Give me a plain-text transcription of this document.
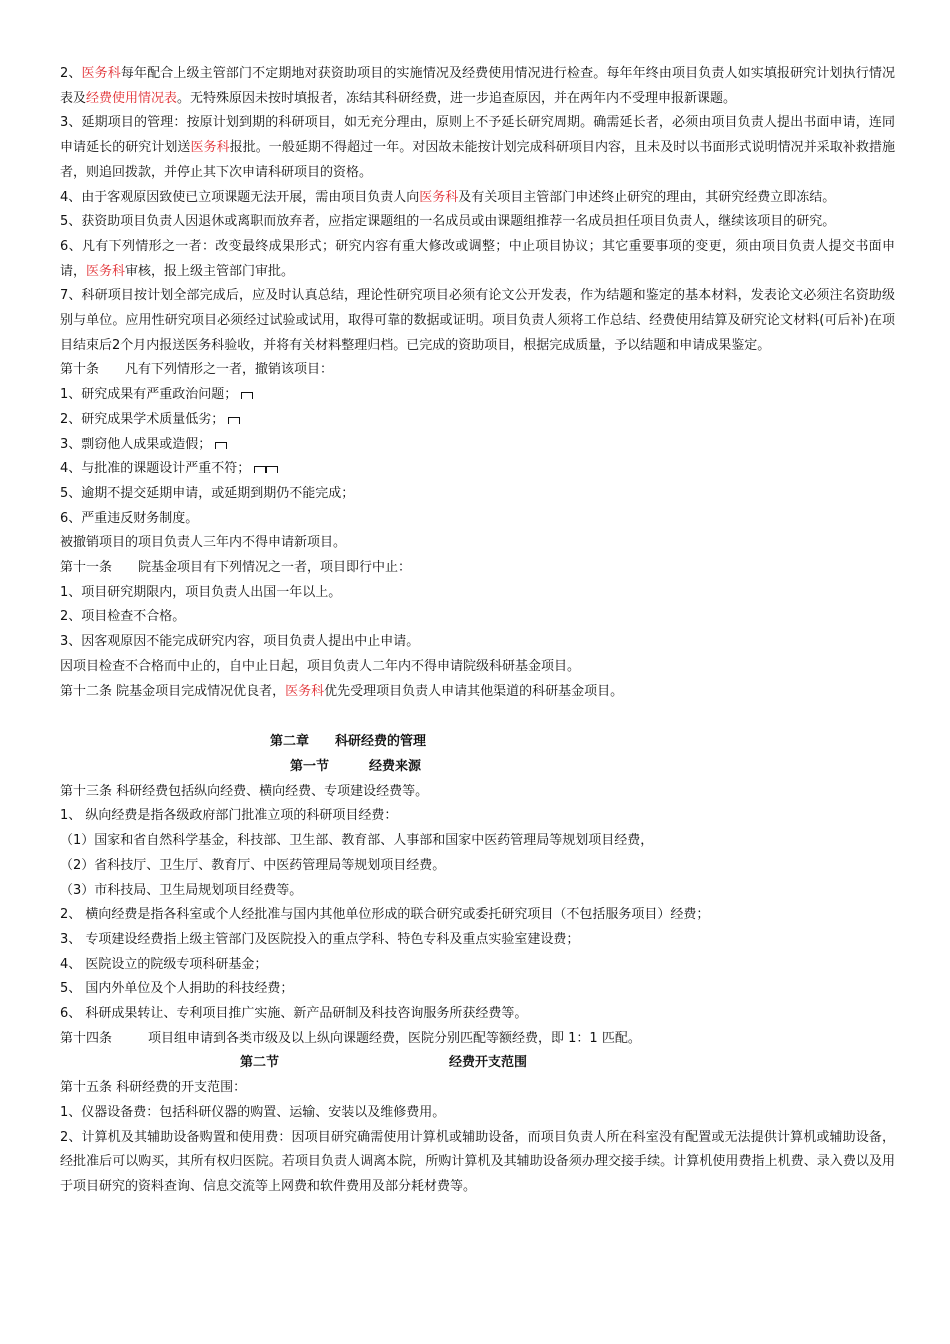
2、医务科每年配合上级主管部门不定期地对获资助项目的实施情况及经费使用情况进行检查。每年年终由项目负责人如实填报研究计划执行情况表及经费使用情况表。无特殊原因未按时填报者，冻结其科研经费，进一步追查原因，并在两年内不受理申报新课题。

3、延期项目的管理：按原计划到期的科研项目，如无充分理由，原则上不予延长研究周期。确需延长者，必须由项目负责人提出书面申请，连同申请延长的研究计划送医务科报批。一般延期不得超过一年。对因故未能按计划完成科研项目内容，且未及时以书面形式说明情况并采取补救措施者，则追回拨款，并停止其下次申请科研项目的资格。

4、由于客观原因致使已立项课题无法开展，需由项目负责人向医务科及有关项目主管部门申述终止研究的理由，其研究经费立即冻结。

5、获资助项目负责人因退休或离职而放弃者，应指定课题组的一名成员或由课题组推荐一名成员担任项目负责人，继续该项目的研究。

6、凡有下列情形之一者：改变最终成果形式；研究内容有重大修改或调整；中止项目协议；其它重要事项的变更，须由项目负责人提交书面申请，医务科审核，报上级主管部门审批。

7、科研项目按计划全部完成后，应及时认真总结，理论性研究项目必须有论文公开发表，作为结题和鉴定的基本材料，发表论文必须注名资助级别与单位。应用性研究项目必须经过试验或试用，取得可靠的数据或证明。项目负责人须将工作总结、经费使用结算及研究论文材料(可后补)在项目结束后2个月内报送医务科验收，并将有关材料整理归档。已完成的资助项目，根据完成质量，予以结题和申请成果鉴定。

第十条 凡有下列情形之一者，撤销该项目：

1、研究成果有严重政治问题；

2、研究成果学术质量低劣；

3、剽窃他人成果或造假；

4、与批准的课题设计严重不符；

5、逾期不提交延期申请，或延期到期仍不能完成；

6、严重违反财务制度。

被撤销项目的项目负责人三年内不得申请新项目。

第十一条 院基金项目有下列情况之一者，项目即行中止：

1、项目研究期限内，项目负责人出国一年以上。

2、项目检查不合格。

3、因客观原因不能完成研究内容，项目负责人提出中止申请。

因项目检查不合格而中止的，自中止日起，项目负责人二年内不得申请院级科研基金项目。

第十二条 院基金项目完成情况优良者，医务科优先受理项目负责人申请其他渠道的科研基金项目。

第二章 科研经费的管理

第一节	经费来源

第十三条 科研经费包括纵向经费、横向经费、专项建设经费等。

1、 纵向经费是指各级政府部门批准立项的科研项目经费：

（1）国家和省自然科学基金，科技部、卫生部、教育部、人事部和国家中医药管理局等规划项目经费，

（2）省科技厅、卫生厅、教育厅、中医药管理局等规划项目经费。

（3）市科技局、卫生局规划项目经费等。

2、 横向经费是指各科室或个人经批准与国内其他单位形成的联合研究或委托研究项目（不包括服务项目）经费；

3、 专项建设经费指上级主管部门及医院投入的重点学科、特色专科及重点实验室建设费；

4、 医院设立的院级专项科研基金；

5、 国内外单位及个人捐助的科技经费；

6、 科研成果转让、专利项目推广实施、新产品研制及科技咨询服务所获经费等。

第十四条	项目组申请到各类市级及以上纵向课题经费，医院分别匹配等额经费，即 1：1 匹配。

第二节	经费开支范围

第十五条 科研经费的开支范围：

1、仪器设备费：包括科研仪器的购置、运输、安装以及维修费用。

2、计算机及其辅助设备购置和使用费：因项目研究确需使用计算机或辅助设备，而项目负责人所在科室没有配置或无法提供计算机或辅助设备，经批准后可以购买，其所有权归医院。若项目负责人调离本院，所购计算机及其辅助设备须办理交接手续。计算机使用费指上机费、录入费以及用于项目研究的资料查询、信息交流等上网费和软件费用及部分耗材费等。
